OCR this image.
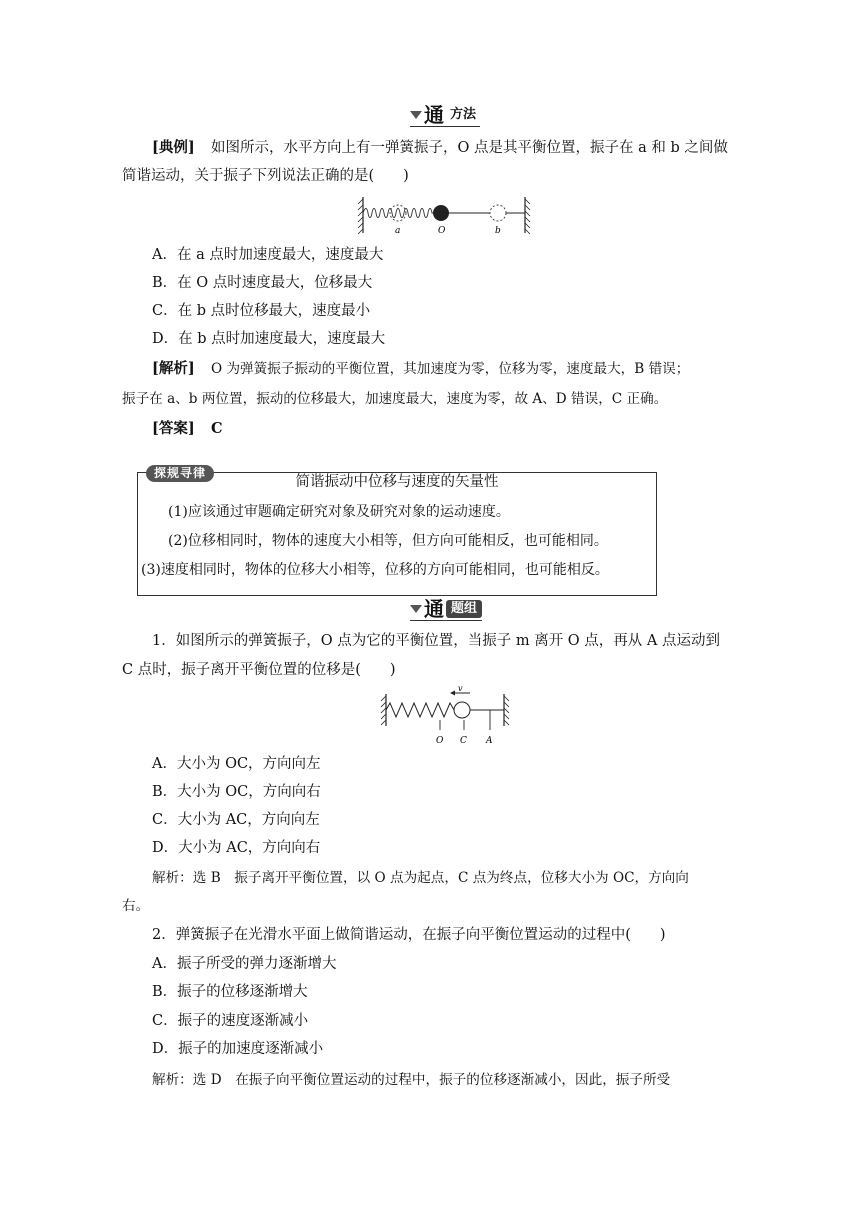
通 方法
[典例] 如图所示，水平方向上有一弹簧振子，O 点是其平衡位置，振子在 a 和 b 之间做
简谐运动，关于振子下列说法正确的是(　　)
a	O	b
A．在 a 点时加速度最大，速度最大
B．在 O 点时速度最大，位移最大
C．在 b 点时位移最大，速度最小
D．在 b 点时加速度最大，速度最大
[解析] O 为弹簧振子振动的平衡位置，其加速度为零，位移为零，速度最大，B 错误；
振子在 a、b 两位置，振动的位移最大，加速度最大，速度为零，故 A、D 错误，C 正确。
[答案] C
探规寻律
简谐振动中位移与速度的矢量性
(1)应该通过审题确定研究对象及研究对象的运动速度。
(2)位移相同时，物体的速度大小相等，但方向可能相反，也可能相同。
(3)速度相同时，物体的位移大小相等，位移的方向可能相同，也可能相反。
通 题组
1．如图所示的弹簧振子，O 点为它的平衡位置，当振子 m 离开 O 点，再从 A 点运动到
C 点时，振子离开平衡位置的位移是(　　)
v
O C A
A．大小为 OC，方向向左
B．大小为 OC，方向向右
C．大小为 AC，方向向左
D．大小为 AC，方向向右
解析：选 B　振子离开平衡位置，以 O 点为起点，C 点为终点，位移大小为 OC，方向向
右。
2．弹簧振子在光滑水平面上做简谐运动，在振子向平衡位置运动的过程中(　　)
A．振子所受的弹力逐渐增大
B．振子的位移逐渐增大
C．振子的速度逐渐减小
D．振子的加速度逐渐减小
解析：选 D　在振子向平衡位置运动的过程中，振子的位移逐渐减小，因此，振子所受
